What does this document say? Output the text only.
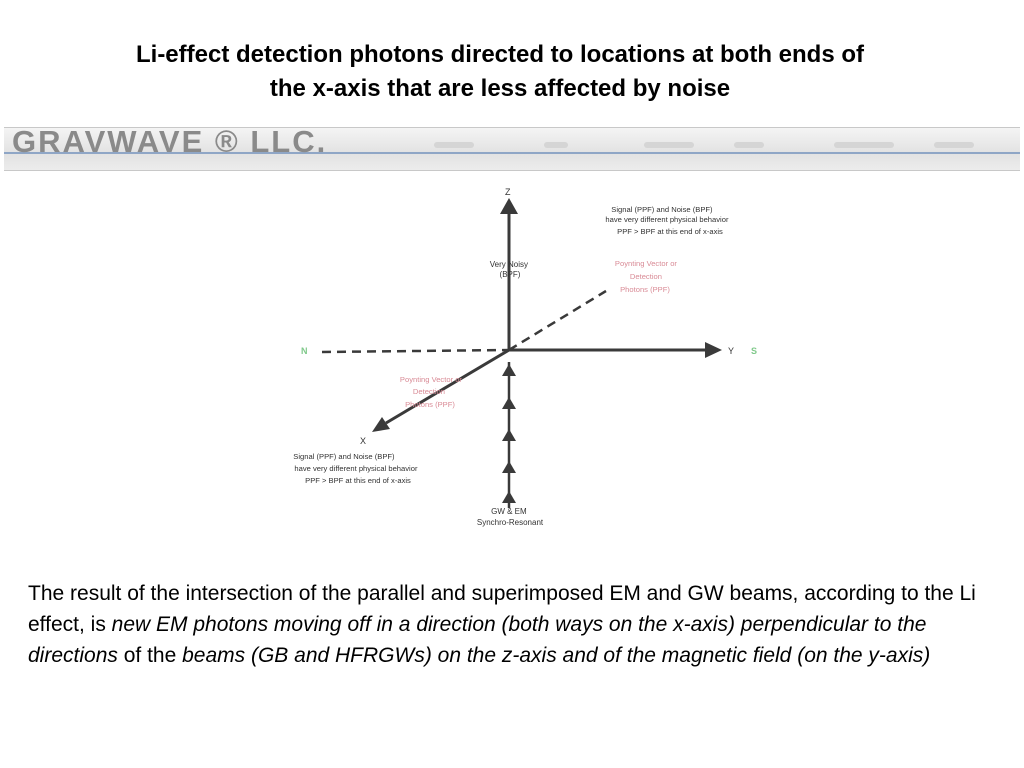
Li-effect detection photons directed to locations at both ends of
the x-axis that are less affected by noise
GRAVWAVE ® LLC.
Z
Y
X
N	S
Very Noisy (BPF)
Signal (PPF) and Noise (BPF) have very different physical behavior PPF > BPF at this end of x-axis
Poynting Vector or Detection Photons (PPF)
Poynting Vector or Detection Photons (PPF)
Signal (PPF) and Noise (BPF) have very different physical behavior PPF > BPF at this end of x-axis
GW & EM Synchro-Resonant
The result of the intersection of the parallel and superimposed EM and GW beams, according to the Li effect, is new EM photons moving off in a direction (both ways on the x-axis) perpendicular to the directions of the beams (GB and HFRGWs) on the z-axis and of the magnetic field (on the y-axis)
